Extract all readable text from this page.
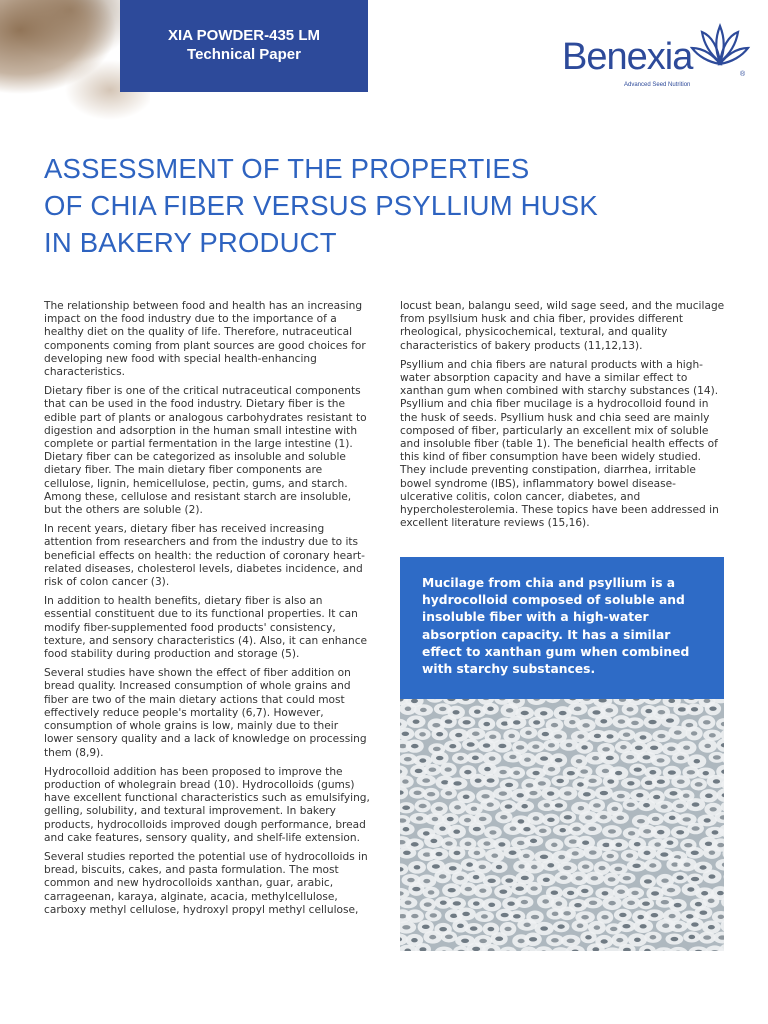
XIA POWDER-435 LM
Technical Paper	Benexia	®
Advanced Seed Nutrition
ASSESSMENT OF THE PROPERTIES
OF CHIA FIBER VERSUS PSYLLIUM HUSK
IN BAKERY PRODUCT

The relationship between food and health has an increasing impact on the food industry due to the importance of a healthy diet on the quality of life. Therefore, nutraceutical components coming from plant sources are good choices for developing new food with special health-enhancing characteristics.

Dietary fiber is one of the critical nutraceutical components that can be used in the food industry. Dietary fiber is the edible part of plants or analogous carbohydrates resistant to digestion and adsorption in the human small intestine with complete or partial fermentation in the large intestine (1). Dietary fiber can be categorized as insoluble and soluble dietary fiber. The main dietary fiber components are cellulose, lignin, hemicellulose, pectin, gums, and starch. Among these, cellulose and resistant starch are insoluble, but the others are soluble (2).

In recent years, dietary fiber has received increasing attention from researchers and from the industry due to its beneficial effects on health: the reduction of coronary heart-related diseases, cholesterol levels, diabetes incidence, and risk of colon cancer (3).

In addition to health benefits, dietary fiber is also an essential constituent due to its functional properties. It can modify fiber-supplemented food products' consistency, texture, and sensory characteristics (4). Also, it can enhance food stability during production and storage (5).

Several studies have shown the effect of fiber addition on bread quality. Increased consumption of whole grains and fiber are two of the main dietary actions that could most effectively reduce people's mortality (6,7). However, consumption of whole grains is low, mainly due to their lower sensory quality and a lack of knowledge on processing them (8,9).

Hydrocolloid addition has been proposed to improve the production of wholegrain bread (10). Hydrocolloids (gums) have excellent functional characteristics such as emulsifying, gelling, solubility, and textural improvement. In bakery products, hydrocolloids improved dough performance, bread and cake features, sensory quality, and shelf-life extension.

Several studies reported the potential use of hydrocolloids in bread, biscuits, cakes, and pasta formulation. The most common and new hydrocolloids xanthan, guar, arabic, carrageenan, karaya, alginate, acacia, methylcellulose, carboxy methyl cellulose, hydroxyl propyl methyl cellulose,

locust bean, balangu seed, wild sage seed, and the mucilage from psyllsium husk and chia fiber, provides different rheological, physicochemical, textural, and quality characteristics of bakery products (11,12,13).

Psyllium and chia fibers are natural products with a high-water absorption capacity and have a similar effect to xanthan gum when combined with starchy substances (14). Psyllium and chia fiber mucilage is a hydrocolloid found in the husk of seeds. Psyllium husk and chia seed are mainly composed of fiber, particularly an excellent mix of soluble and insoluble fiber (table 1). The beneficial health effects of this kind of fiber consumption have been widely studied. They include preventing constipation, diarrhea, irritable bowel syndrome (IBS), inflammatory bowel disease-ulcerative colitis, colon cancer, diabetes, and hypercholesterolemia. These topics have been addressed in excellent literature reviews (15,16).

Mucilage from chia and psyllium is a hydrocolloid composed of soluble and insoluble fiber with a high-water absorption capacity. It has a similar effect to xanthan gum when combined with starchy substances.
